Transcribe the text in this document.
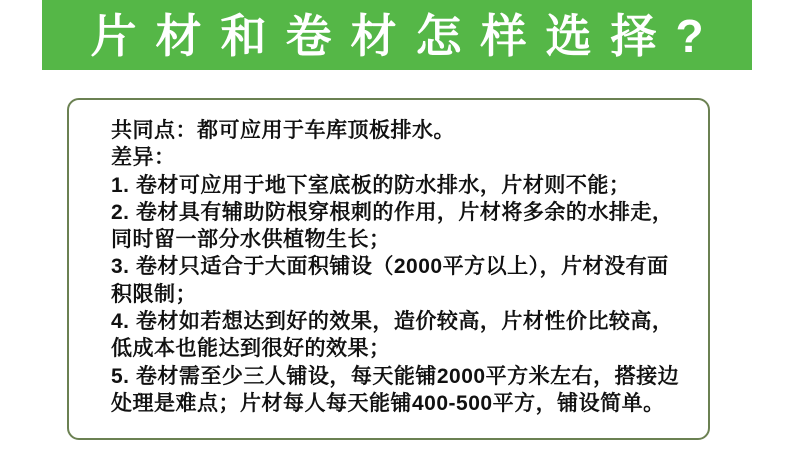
片材和卷材怎样选择?
共同点：都可应用于车库顶板排水。
差异：
1. 卷材可应用于地下室底板的防水排水，片材则不能；
2. 卷材具有辅助防根穿根刺的作用，片材将多余的水排走，
同时留一部分水供植物生长；
3. 卷材只适合于大面积铺设（2000平方以上），片材没有面
积限制；
4. 卷材如若想达到好的效果，造价较高，片材性价比较高，
低成本也能达到很好的效果；
5. 卷材需至少三人铺设，每天能铺2000平方米左右，搭接边
处理是难点；片材每人每天能铺400-500平方，铺设简单。
